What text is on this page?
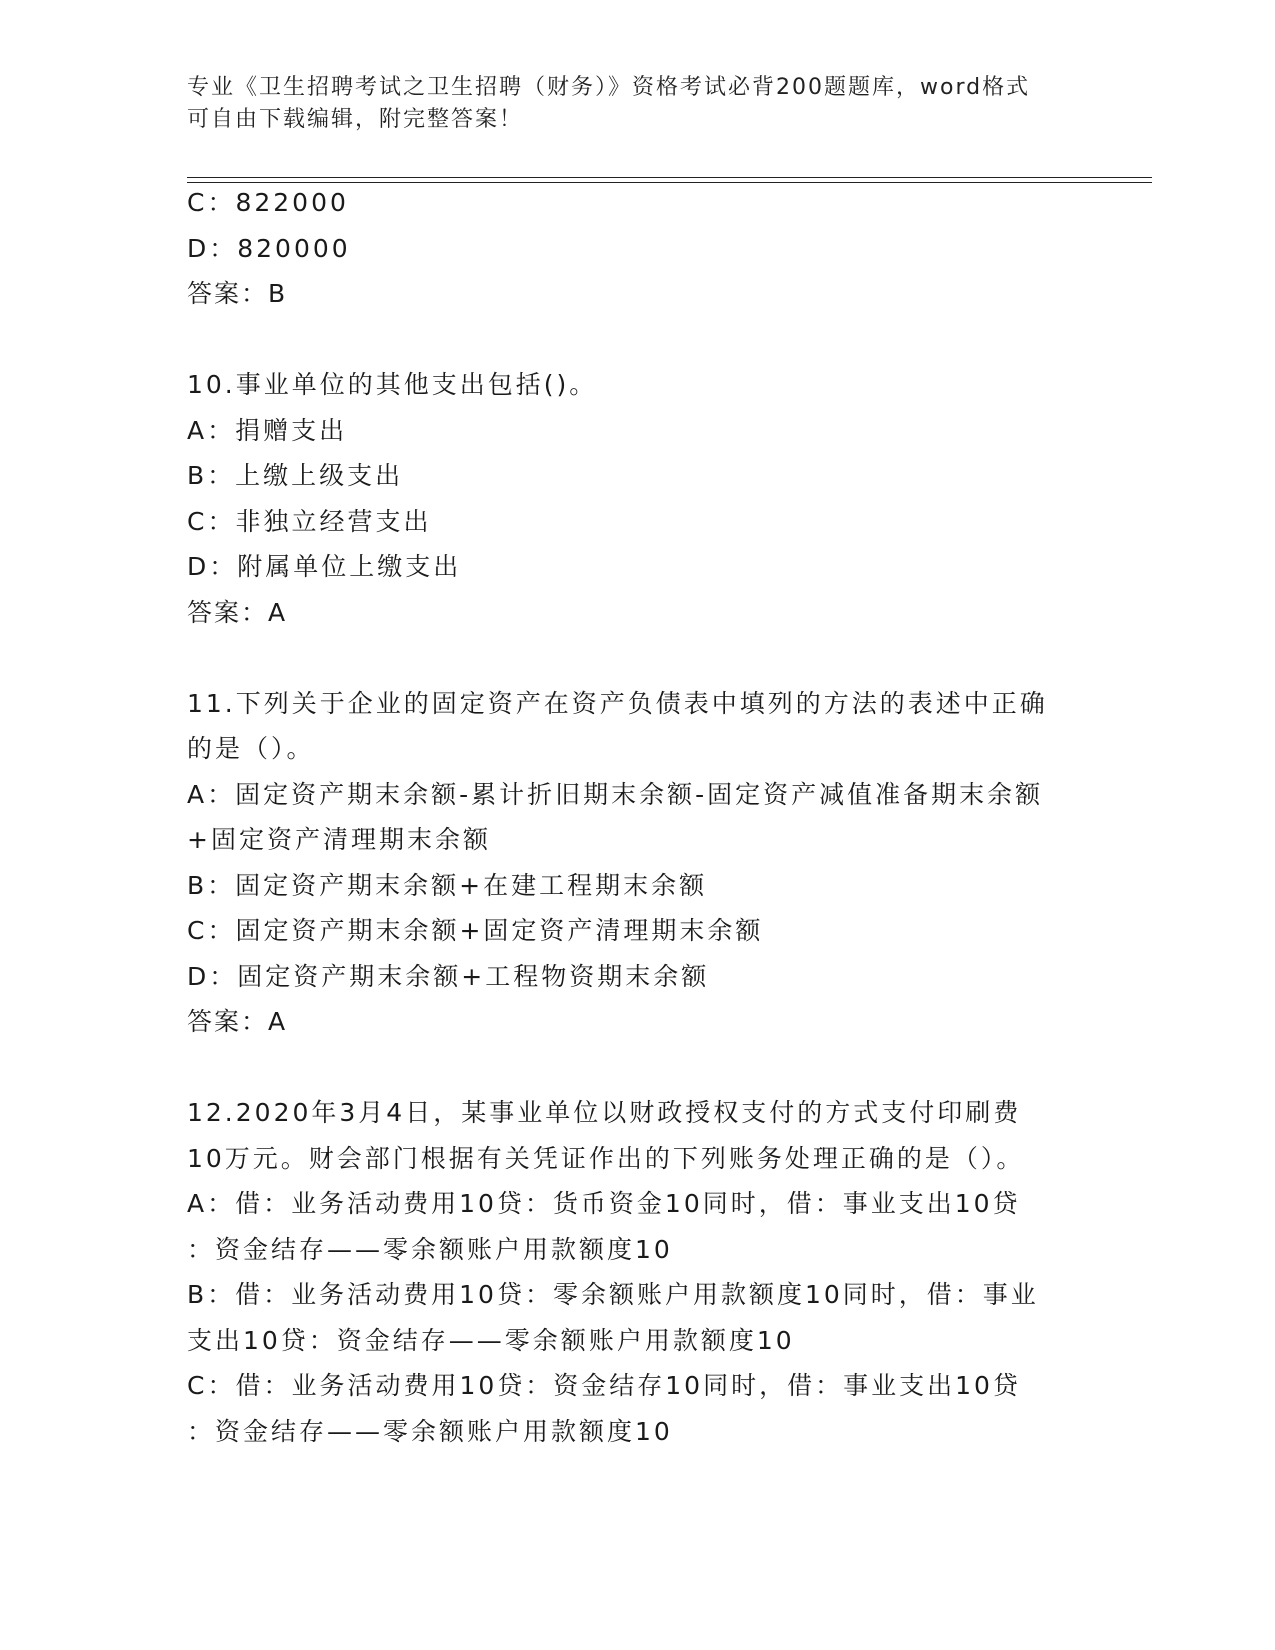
专业《卫生招聘考试之卫生招聘（财务）》资格考试必背200题题库，word格式
可自由下载编辑，附完整答案！
C：822000
D：820000
答案：B
10.事业单位的其他支出包括()。
A：捐赠支出
B：上缴上级支出
C：非独立经营支出
D：附属单位上缴支出
答案：A
11.下列关于企业的固定资产在资产负债表中填列的方法的表述中正确
的是（）。
A：固定资产期末余额-累计折旧期末余额-固定资产减值准备期末余额
+固定资产清理期末余额
B：固定资产期末余额+在建工程期末余额
C：固定资产期末余额+固定资产清理期末余额
D：固定资产期末余额+工程物资期末余额
答案：A
12.2020年3月4日，某事业单位以财政授权支付的方式支付印刷费
10万元。财会部门根据有关凭证作出的下列账务处理正确的是（）。
A：借：业务活动费用10贷：货币资金10同时，借：事业支出10贷
：资金结存——零余额账户用款额度10
B：借：业务活动费用10贷：零余额账户用款额度10同时，借：事业
支出10贷：资金结存——零余额账户用款额度10
C：借：业务活动费用10贷：资金结存10同时，借：事业支出10贷
：资金结存——零余额账户用款额度10
